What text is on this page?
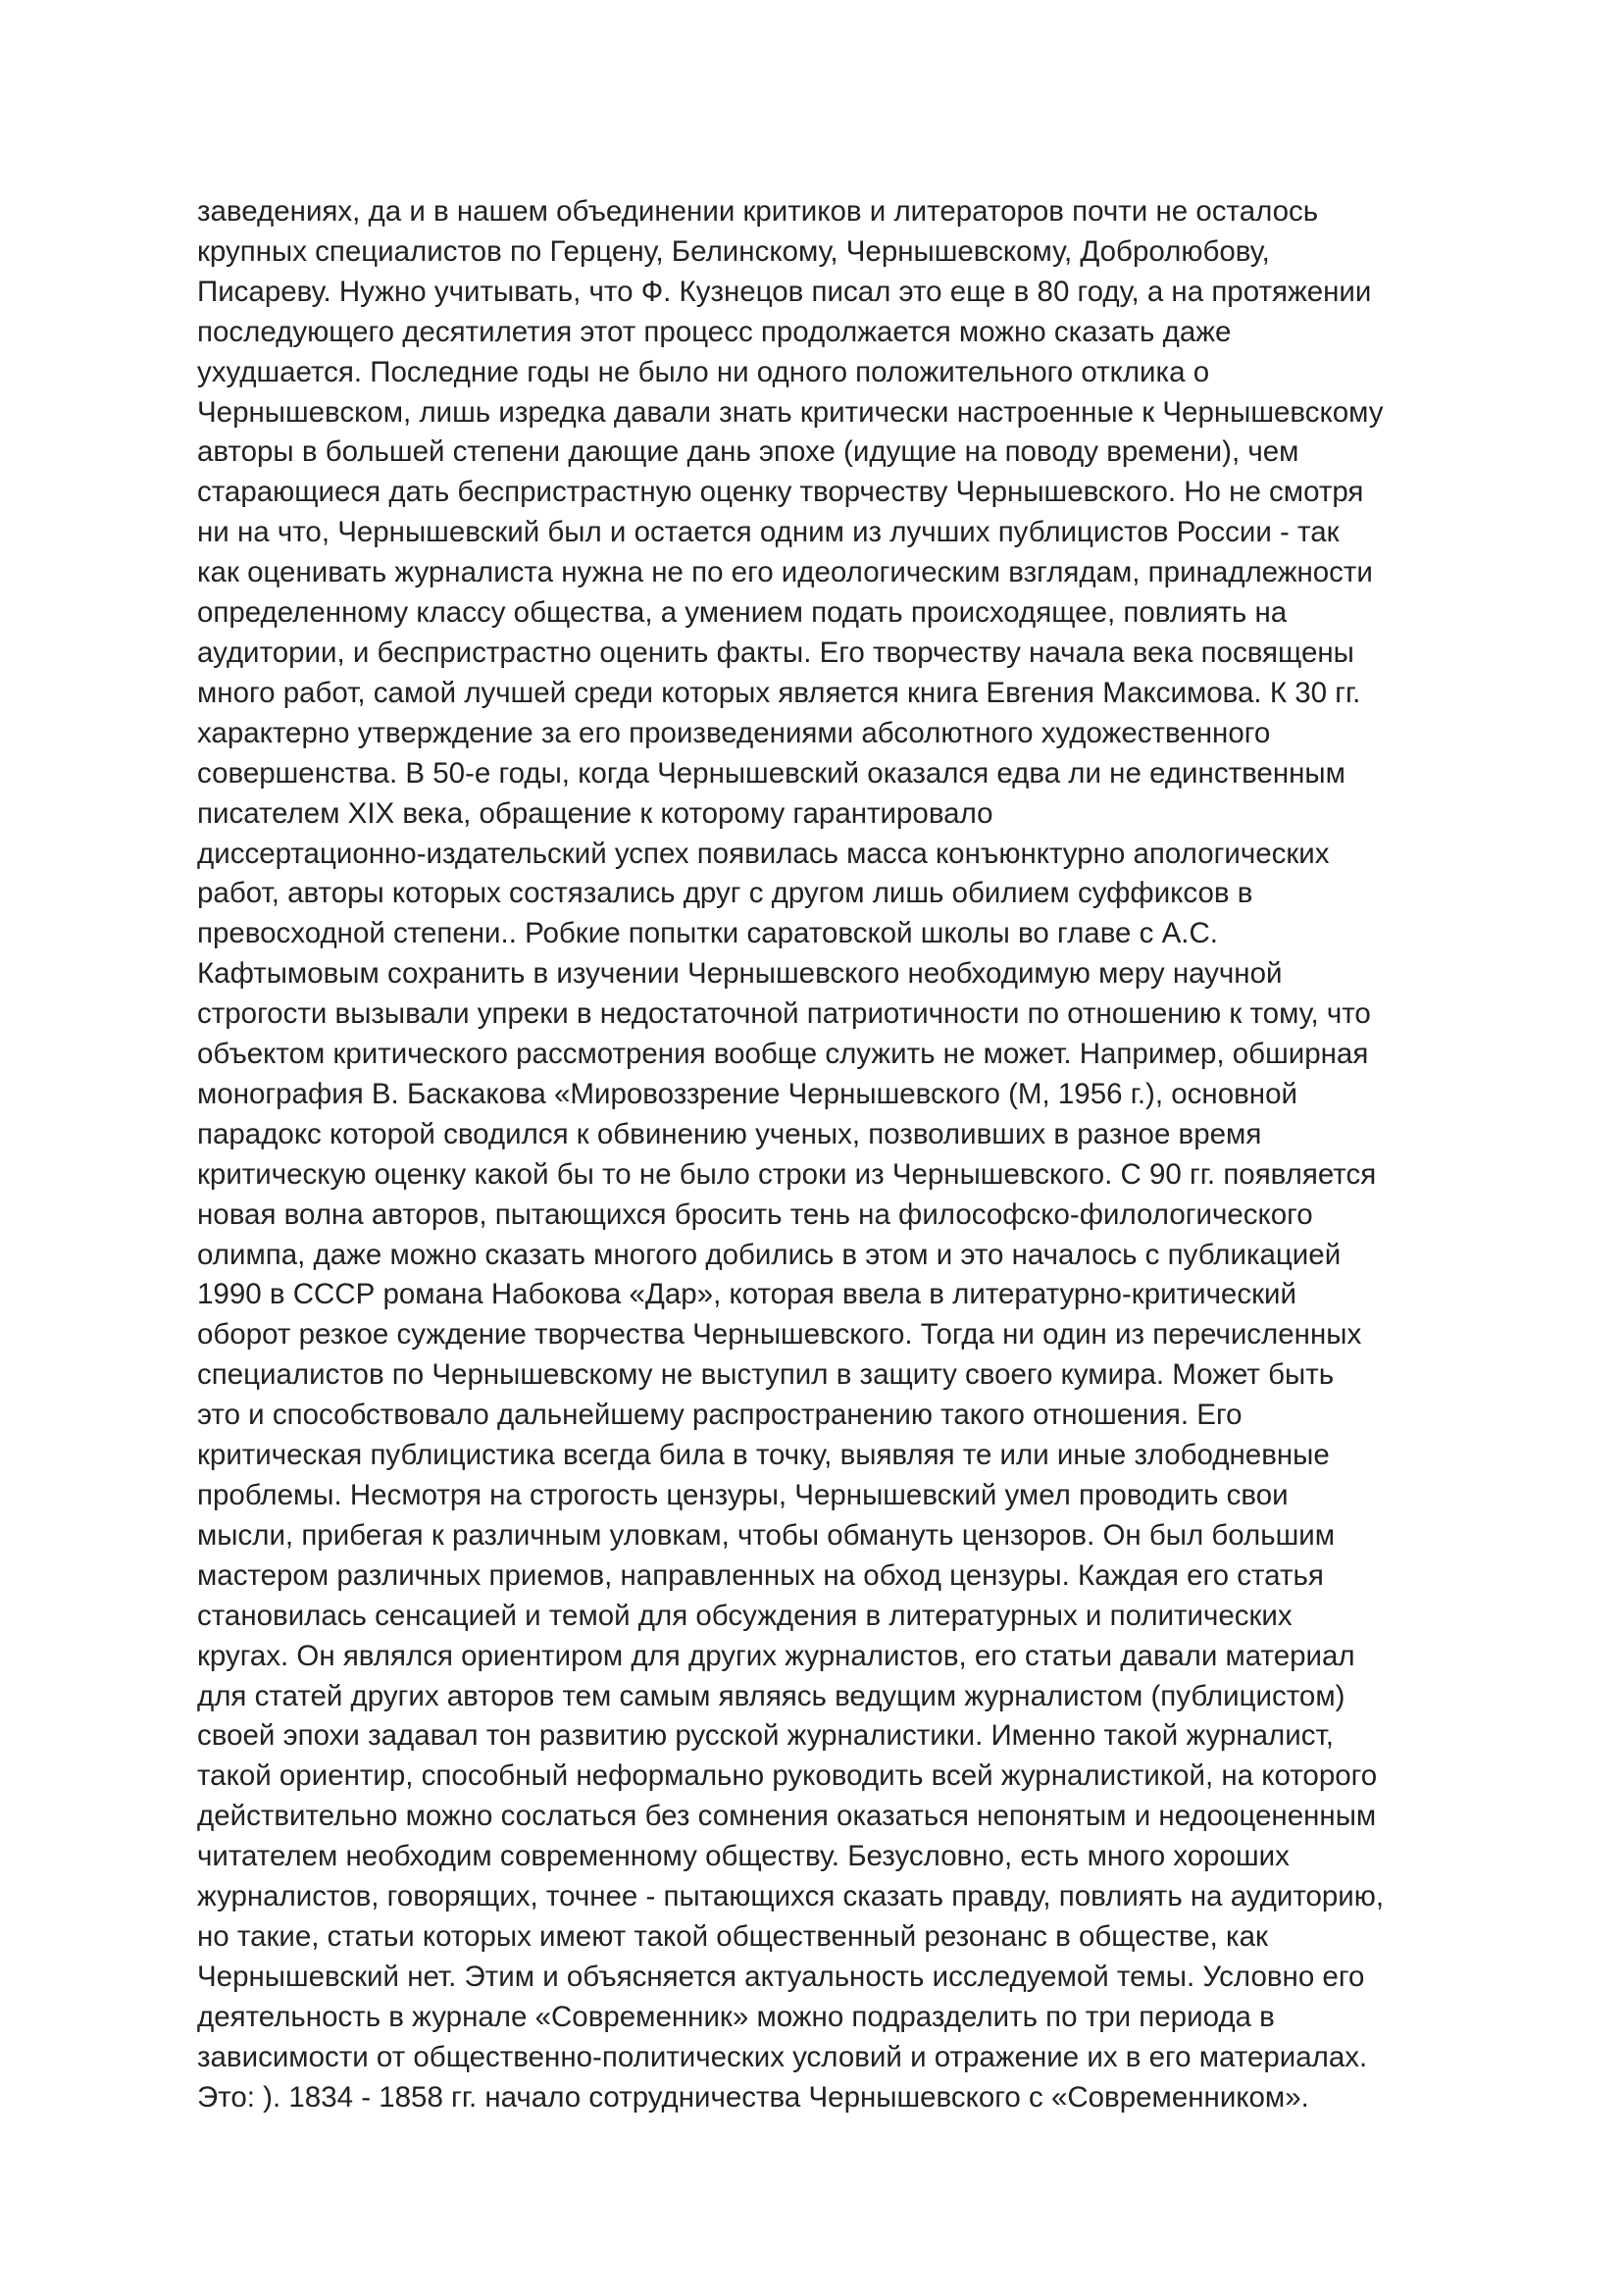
заведениях, да и в нашем объединении критиков и литераторов почти не осталось
крупных специалистов по Герцену, Белинскому, Чернышевскому, Добролюбову,
Писареву. Нужно учитывать, что Ф. Кузнецов писал это еще в 80 году, а на протяжении
последующего десятилетия этот процесс продолжается можно сказать даже
ухудшается. Последние годы не было ни одного положительного отклика о
Чернышевском, лишь изредка давали знать критически настроенные к Чернышевскому
авторы в большей степени дающие дань эпохе (идущие на поводу времени), чем
старающиеся дать беспристрастную оценку творчеству Чернышевского. Но не смотря
ни на что, Чернышевский был и остается одним из лучших публицистов России - так
как оценивать журналиста нужна не по его идеологическим взглядам, принадлежности
определенному классу общества, а умением подать происходящее, повлиять на
аудитории, и беспристрастно оценить факты. Его творчеству начала века посвящены
много работ, самой лучшей среди которых является книга Евгения Максимова. К 30 гг.
характерно утверждение за его произведениями абсолютного художественного
совершенства. В 50-е годы, когда Чернышевский оказался едва ли не единственным
писателем XIX века, обращение к которому гарантировало
диссертационно-издательский успех появилась масса конъюнктурно апологических
работ, авторы которых состязались друг с другом лишь обилием суффиксов в
превосходной степени.. Робкие попытки саратовской школы во главе с А.С.
Кафтымовым сохранить в изучении Чернышевского необходимую меру научной
строгости вызывали упреки в недостаточной патриотичности по отношению к тому, что
объектом критического рассмотрения вообще служить не может. Например, обширная
монография В. Баскакова «Мировоззрение Чернышевского (М, 1956 г.), основной
парадокс которой сводился к обвинению ученых, позволивших в разное время
критическую оценку какой бы то не было строки из Чернышевского. С 90 гг. появляется
новая волна авторов, пытающихся бросить тень на философско-филологического
олимпа, даже можно сказать многого добились в этом и это началось с публикацией
1990 в СССР романа Набокова «Дар», которая ввела в литературно-критический
оборот резкое суждение творчества Чернышевского. Тогда ни один из перечисленных
специалистов по Чернышевскому не выступил в защиту своего кумира. Может быть
это и способствовало дальнейшему распространению такого отношения. Его
критическая публицистика всегда била в точку, выявляя те или иные злободневные
проблемы. Несмотря на строгость цензуры, Чернышевский умел проводить свои
мысли, прибегая к различным уловкам, чтобы обмануть цензоров. Он был большим
мастером различных приемов, направленных на обход цензуры. Каждая его статья
становилась сенсацией и темой для обсуждения в литературных и политических
кругах. Он являлся ориентиром для других журналистов, его статьи давали материал
для статей других авторов тем самым являясь ведущим журналистом (публицистом)
своей эпохи задавал тон развитию русской журналистики. Именно такой журналист,
такой ориентир, способный неформально руководить всей журналистикой, на которого
действительно можно сослаться без сомнения оказаться непонятым и недооцененным
читателем необходим современному обществу. Безусловно, есть много хороших
журналистов, говорящих, точнее - пытающихся сказать правду, повлиять на аудиторию,
но такие, статьи которых имеют такой общественный резонанс в обществе, как
Чернышевский нет. Этим и объясняется актуальность исследуемой темы. Условно его
деятельность в журнале «Современник» можно подразделить по три периода в
зависимости от общественно-политических условий и отражение их в его материалах.
Это: ). 1834 - 1858 гг. начало сотрудничества Чернышевского с «Современником».
